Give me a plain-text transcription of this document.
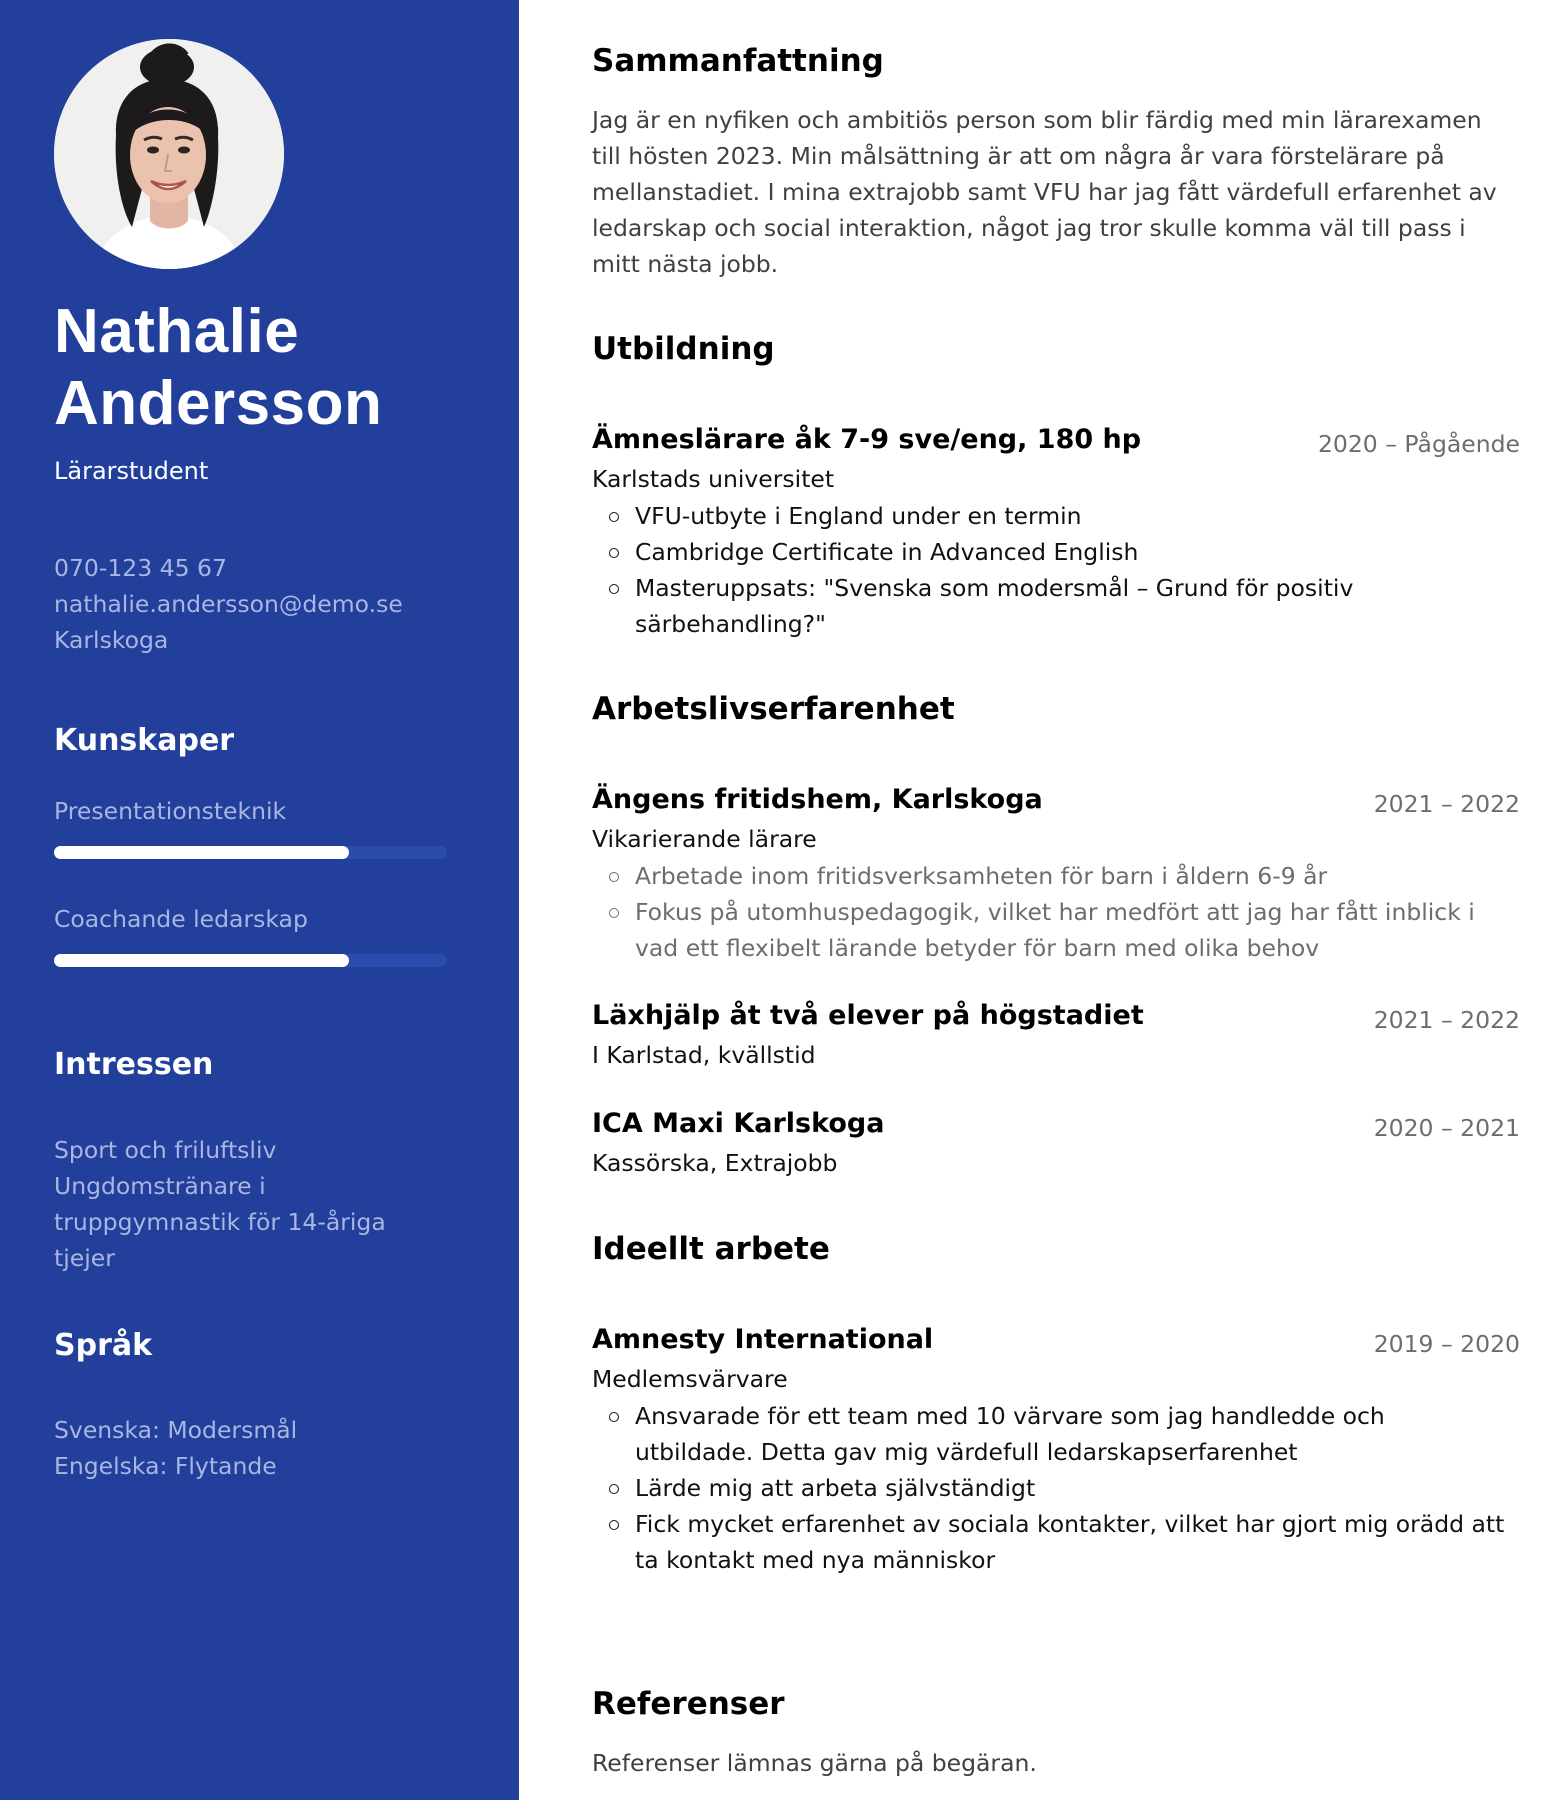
Nathalie
Andersson
Lärarstudent
070-123 45 67
nathalie.andersson@demo.se
Karlskoga
Kunskaper
Presentationsteknik
Coachande ledarskap
Intressen
Sport och friluftsliv
Ungdomstränare i truppgymnastik för 14-åriga tjejer
Språk
Svenska: Modersmål
Engelska: Flytande
Sammanfattning
Jag är en nyfiken och ambitiös person som blir färdig med min lärarexamen till hösten 2023. Min målsättning är att om några år vara förstelärare på mellanstadiet. I mina extrajobb samt VFU har jag fått värdefull erfarenhet av ledarskap och social interaktion, något jag tror skulle komma väl till pass i mitt nästa jobb.
Utbildning
Ämneslärare åk 7-9 sve/eng, 180 hp	2020 – Pågående
Karlstads universitet
VFU-utbyte i England under en termin
Cambridge Certificate in Advanced English
Masteruppsats: "Svenska som modersmål – Grund för positiv särbehandling?"
Arbetslivserfarenhet
Ängens fritidshem, Karlskoga	2021 – 2022
Vikarierande lärare
Arbetade inom fritidsverksamheten för barn i åldern 6-9 år
Fokus på utomhuspedagogik, vilket har medfört att jag har fått inblick i vad ett flexibelt lärande betyder för barn med olika behov
Läxhjälp åt två elever på högstadiet	2021 – 2022
I Karlstad, kvällstid
ICA Maxi Karlskoga	2020 – 2021
Kassörska, Extrajobb
Ideellt arbete
Amnesty International	2019 – 2020
Medlemsvärvare
Ansvarade för ett team med 10 värvare som jag handledde och utbildade. Detta gav mig värdefull ledarskapserfarenhet
Lärde mig att arbeta självständigt
Fick mycket erfarenhet av sociala kontakter, vilket har gjort mig orädd att ta kontakt med nya människor
Referenser
Referenser lämnas gärna på begäran.
